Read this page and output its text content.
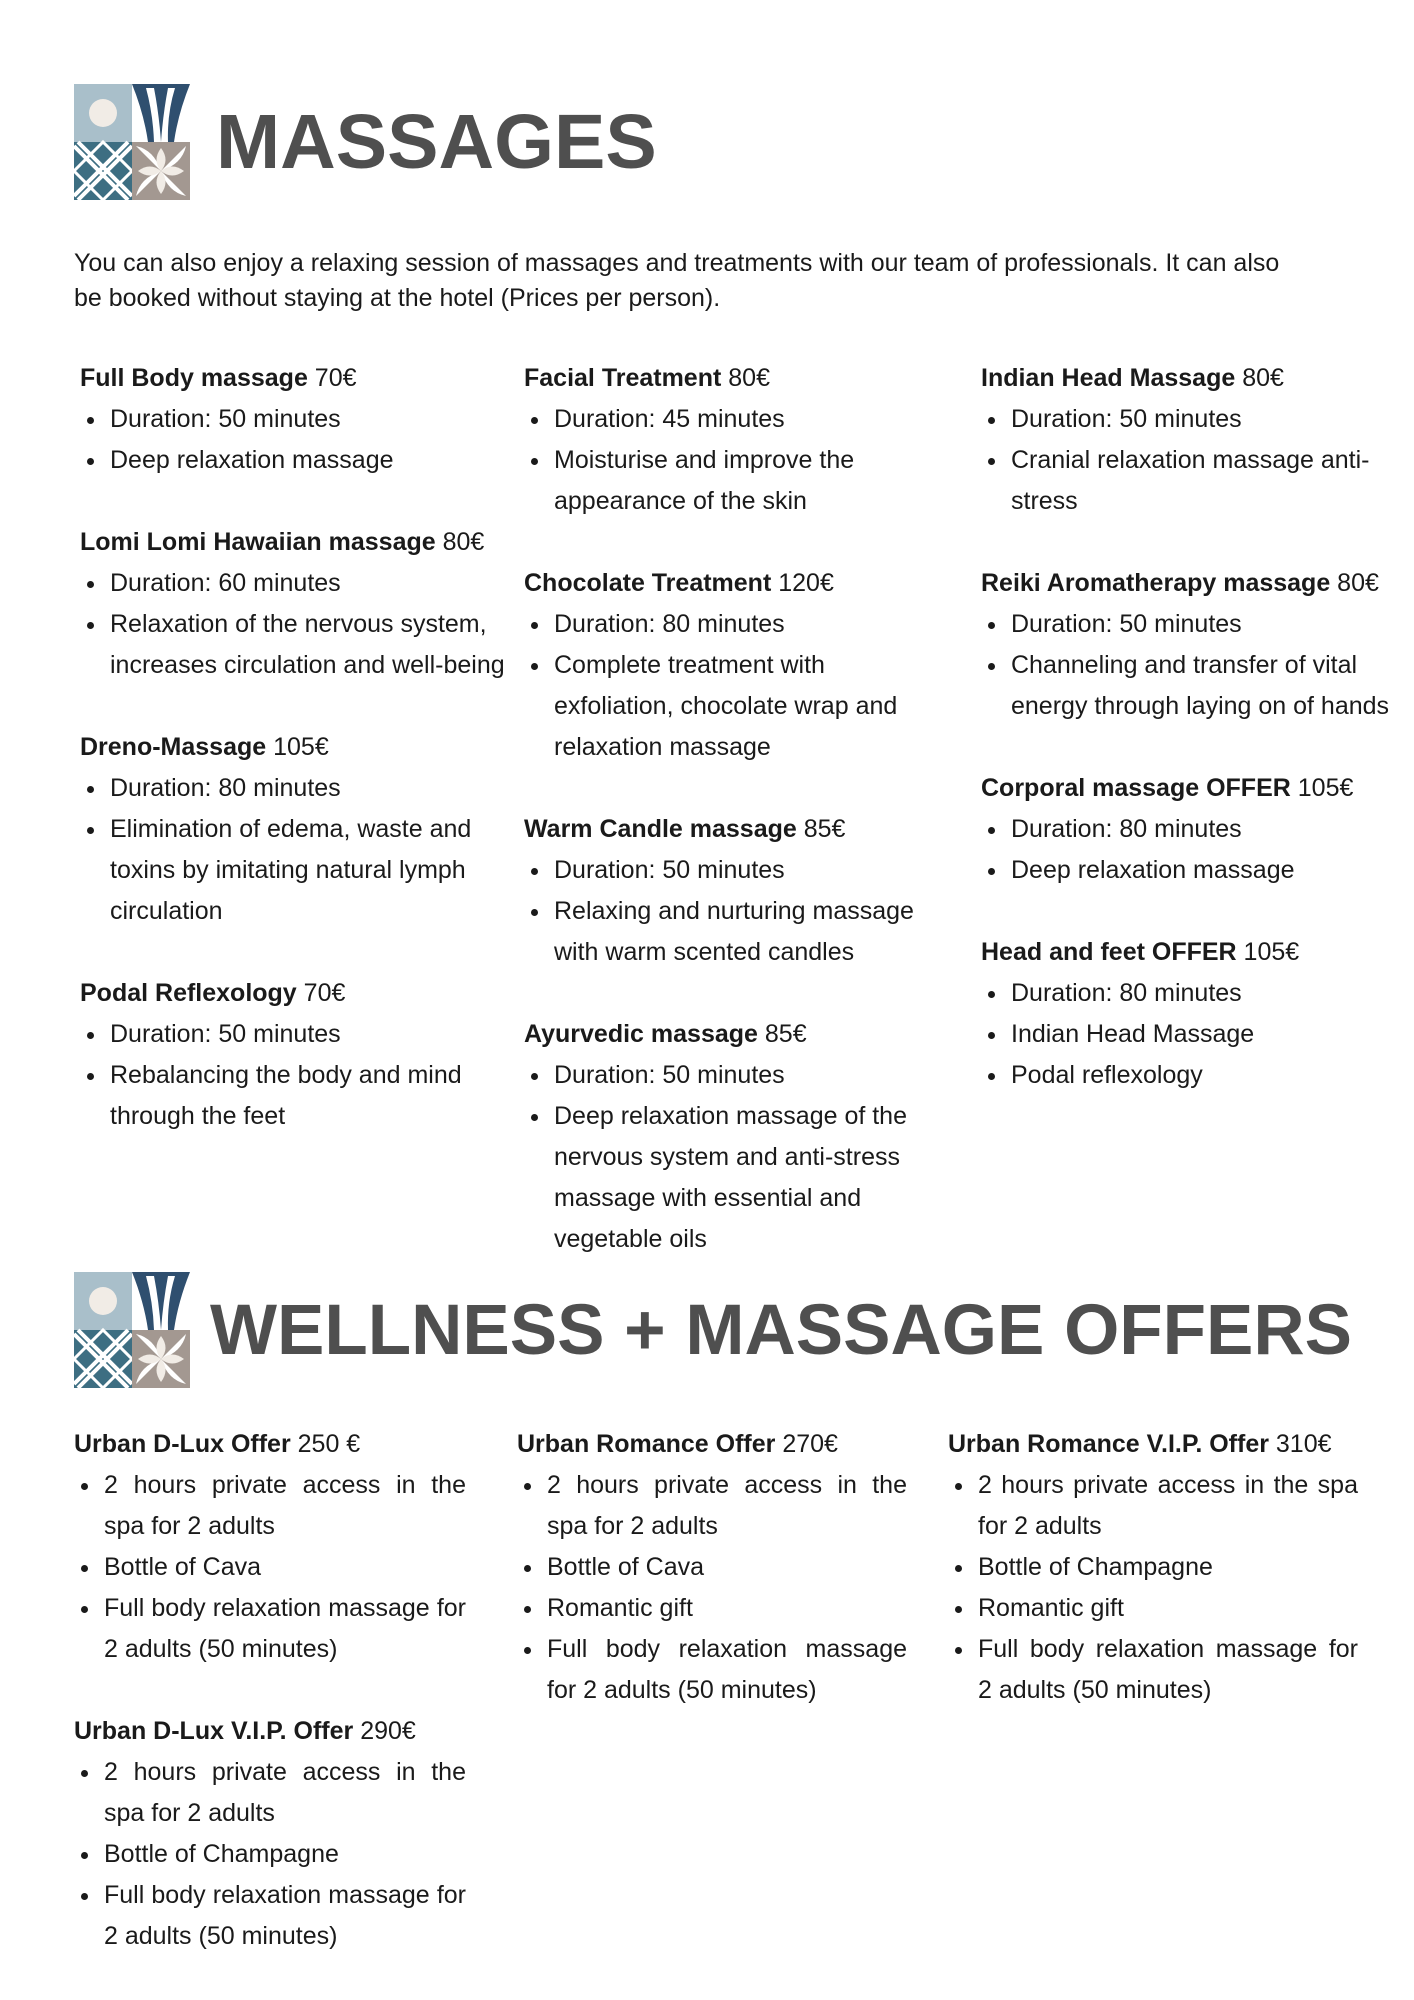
MASSAGES

You can also enjoy a relaxing session of massages and treatments with our team of professionals. It can also be booked without staying at the hotel (Prices per person).

Full Body massage 70€
Duration: 50 minutes
Deep relaxation massage
Lomi Lomi Hawaiian massage 80€
Duration: 60 minutes
Relaxation of the nervous system, increases circulation and well-being
Dreno-Massage 105€
Duration: 80 minutes
Elimination of edema, waste and toxins by imitating natural lymph circulation
Podal Reflexology 70€
Duration: 50 minutes
Rebalancing the body and mind through the feet
Facial Treatment 80€
Duration: 45 minutes
Moisturise and improve the appearance of the skin
Chocolate Treatment 120€
Duration: 80 minutes
Complete treatment with exfoliation, chocolate wrap and relaxation massage
Warm Candle massage 85€
Duration: 50 minutes
Relaxing and nurturing massage with warm scented candles
Ayurvedic massage 85€
Duration: 50 minutes
Deep relaxation massage of the nervous system and anti-stress massage with essential and vegetable oils
Indian Head Massage 80€
Duration: 50 minutes
Cranial relaxation massage anti-stress
Reiki Aromatherapy massage 80€
Duration: 50 minutes
Channeling and transfer of vital energy through laying on of hands
Corporal massage OFFER 105€
Duration: 80 minutes
Deep relaxation massage
Head and feet OFFER 105€
Duration: 80 minutes
Indian Head Massage
Podal reflexology
WELLNESS + MASSAGE OFFERS
Urban D-Lux Offer 250 €
2 hours private access in the spa for 2 adults
Bottle of Cava
Full body relaxation massage for 2 adults (50 minutes)
Urban D-Lux V.I.P. Offer 290€
2 hours private access in the spa for 2 adults
Bottle of Champagne
Full body relaxation massage for 2 adults (50 minutes)
Urban Romance Offer 270€
2 hours private access in the spa for 2 adults
Bottle of Cava
Romantic gift
Full body relaxation massage for 2 adults (50 minutes)
Urban Romance V.I.P. Offer 310€
2 hours private access in the spa for 2 adults
Bottle of Champagne
Romantic gift
Full body relaxation massage for 2 adults (50 minutes)
